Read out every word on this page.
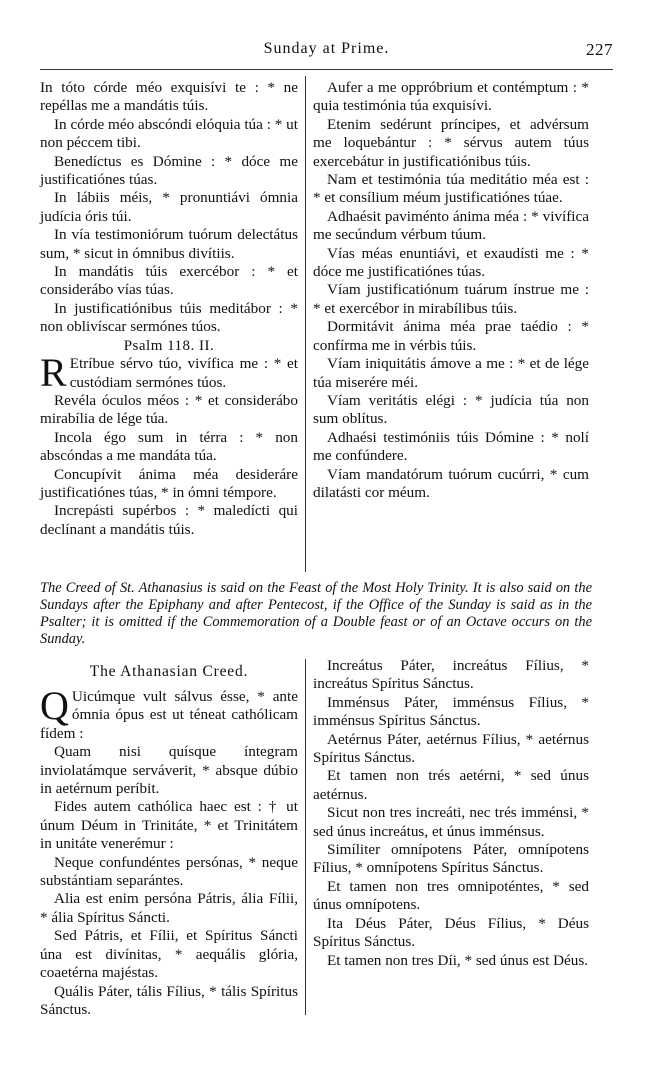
Sunday at Prime.	227

In tóto córde méo exquisívi te : * ne repéllas me a mandátis túis.

In córde méo abscóndi elóquia túa : * ut non péccem tibi.

Benedíctus es Dómine : * dóce me justificatiónes túas.

In lábiis méis, * pronuntiávi ómnia judícia óris túi.

In vía testimoniórum tuórum delectátus sum, * sicut in ómnibus divítiis.

In mandátis túis exercébor : * et considerábo vías túas.

In justificatiónibus túis meditábor : * non oblivíscar sermónes túos.

Psalm 118. II.

R Etríbue sérvo túo, vivífica me : * et custódiam sermónes túos.

Revéla óculos méos : * et considerábo mirabília de lége túa.

Incola égo sum in térra : * non abscóndas a me mandáta túa.

Concupívit ánima méa desideráre justificatiónes túas, * in ómni témpore.

Increpásti supérbos : * maledícti qui declínant a mandátis túis.

Aufer a me oppróbrium et contémptum : * quia testimónia túa exquisívi.

Etenim sedérunt príncipes, et advérsum me loquebántur : * sérvus autem túus exercebátur in justificatiónibus túis.

Nam et testimónia túa meditátio méa est : * et consílium méum justificatiónes túae.

Adhaésit paviménto ánima méa : * vivífica me secúndum vérbum túum.

Vías méas enuntiávi, et exaudísti me : * dóce me justificatiónes túas.

Víam justificatiónum tuárum ínstrue me : * et exercébor in mirabílibus túis.

Dormitávit ánima méa prae taédio : * confírma me in vérbis túis.

Víam iniquitátis ámove a me : * et de lége túa miserére méi.

Víam veritátis elégi : * judícia túa non sum oblítus.

Adhaési testimóniis túis Dómine : * nolí me confúndere.

Víam mandatórum tuórum cucúrri, * cum dilatásti cor méum.

The Creed of St. Athanasius is said on the Feast of the Most Holy Trinity. It is also said on the Sundays after the Epiphany and after Pentecost, if the Office of the Sunday is said as in the Psalter; it is omitted if the Commemoration of a Double feast or of an Octave occurs on the Sunday.

The Athanasian Creed.

Q Uicúmque vult sálvus ésse, * ante ómnia ópus est ut téneat cathólicam fídem :

Quam nisi quísque íntegram inviolatámque serváverit, * absque dúbio in aetérnum períbit.

Fides autem cathólica haec est : † ut únum Déum in Trinitáte, * et Trinitátem in unitáte venerémur :

Neque confundéntes persónas, * neque substántiam separántes.

Alia est enim persóna Pátris, ália Fílii, * ália Spíritus Sáncti.

Sed Pátris, et Fílii, et Spíritus Sáncti úna est divínitas, * aequális glória, coaetérna majéstas.

Quális Páter, tális Fílius, * tális Spíritus Sánctus.

Increátus Páter, increátus Fílius, * increátus Spíritus Sánctus.

Imménsus Páter, imménsus Fílius, * imménsus Spíritus Sánctus.

Aetérnus Páter, aetérnus Fílius, * aetérnus Spíritus Sánctus.

Et tamen non trés aetérni, * sed únus aetérnus.

Sicut non tres increáti, nec trés imménsi, * sed únus increátus, et únus imménsus.

Simíliter omnípotens Páter, omnípotens Fílius, * omnípotens Spíritus Sánctus.

Et tamen non tres omnipoténtes, * sed únus omnípotens.

Ita Déus Páter, Déus Fílius, * Déus Spíritus Sánctus.

Et tamen non tres Díi, * sed únus est Déus.
